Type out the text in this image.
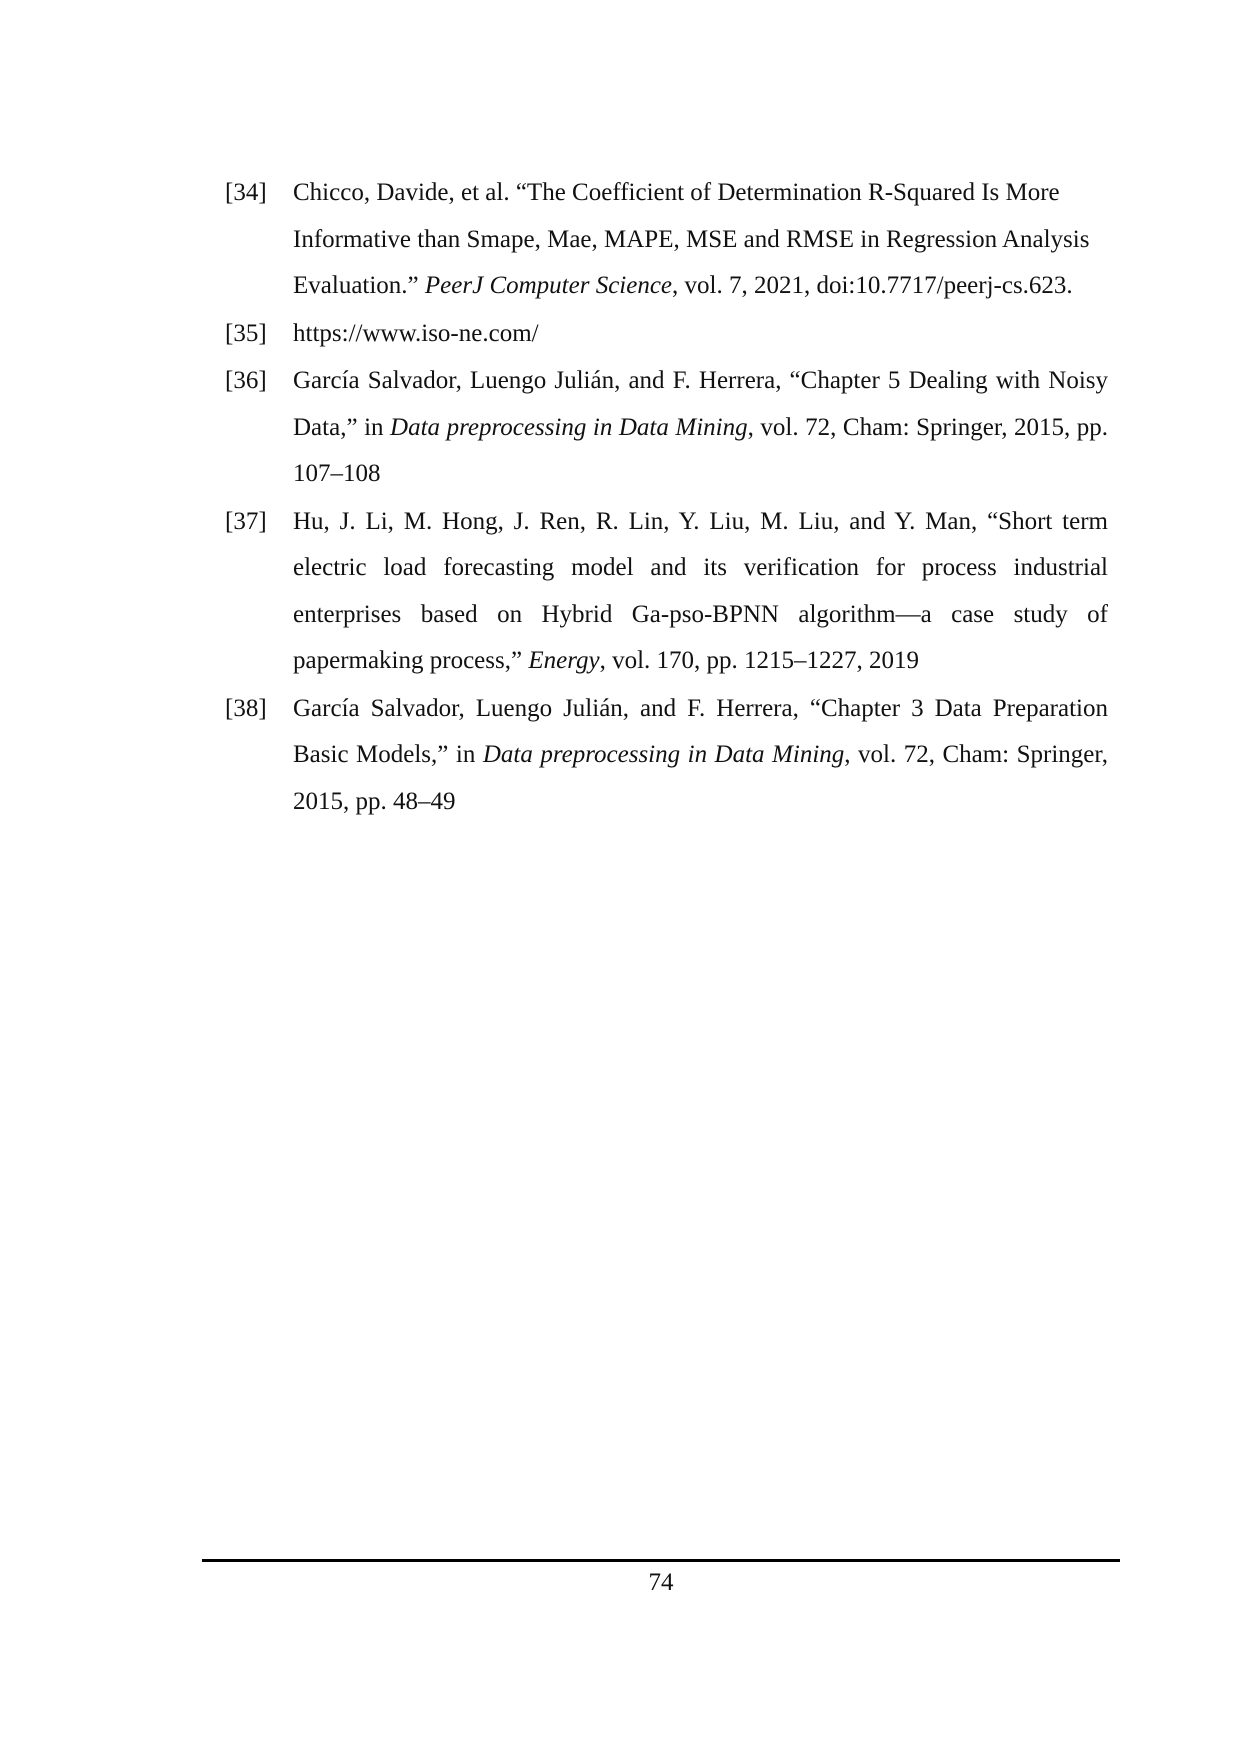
[34]	Chicco, Davide, et al. “The Coefficient of Determination R-Squared Is More Informative than Smape, Mae, MAPE, MSE and RMSE in Regression Analysis Evaluation.” PeerJ Computer Science, vol. 7, 2021, doi:10.7717/peerj-cs.623.
[35]	https://www.iso-ne.com/
[36]	García Salvador, Luengo Julián, and F. Herrera, “Chapter 5 Dealing with Noisy Data,” in Data preprocessing in Data Mining, vol. 72, Cham: Springer, 2015, pp. 107–108
[37]	Hu, J. Li, M. Hong, J. Ren, R. Lin, Y. Liu, M. Liu, and Y. Man, “Short term electric load forecasting model and its verification for process industrial enterprises based on Hybrid Ga-pso-BPNN algorithm—a case study of papermaking process,” Energy, vol. 170, pp. 1215–1227, 2019
[38]	García Salvador, Luengo Julián, and F. Herrera, “Chapter 3 Data Preparation Basic Models,” in Data preprocessing in Data Mining, vol. 72, Cham: Springer, 2015, pp. 48–49
74
